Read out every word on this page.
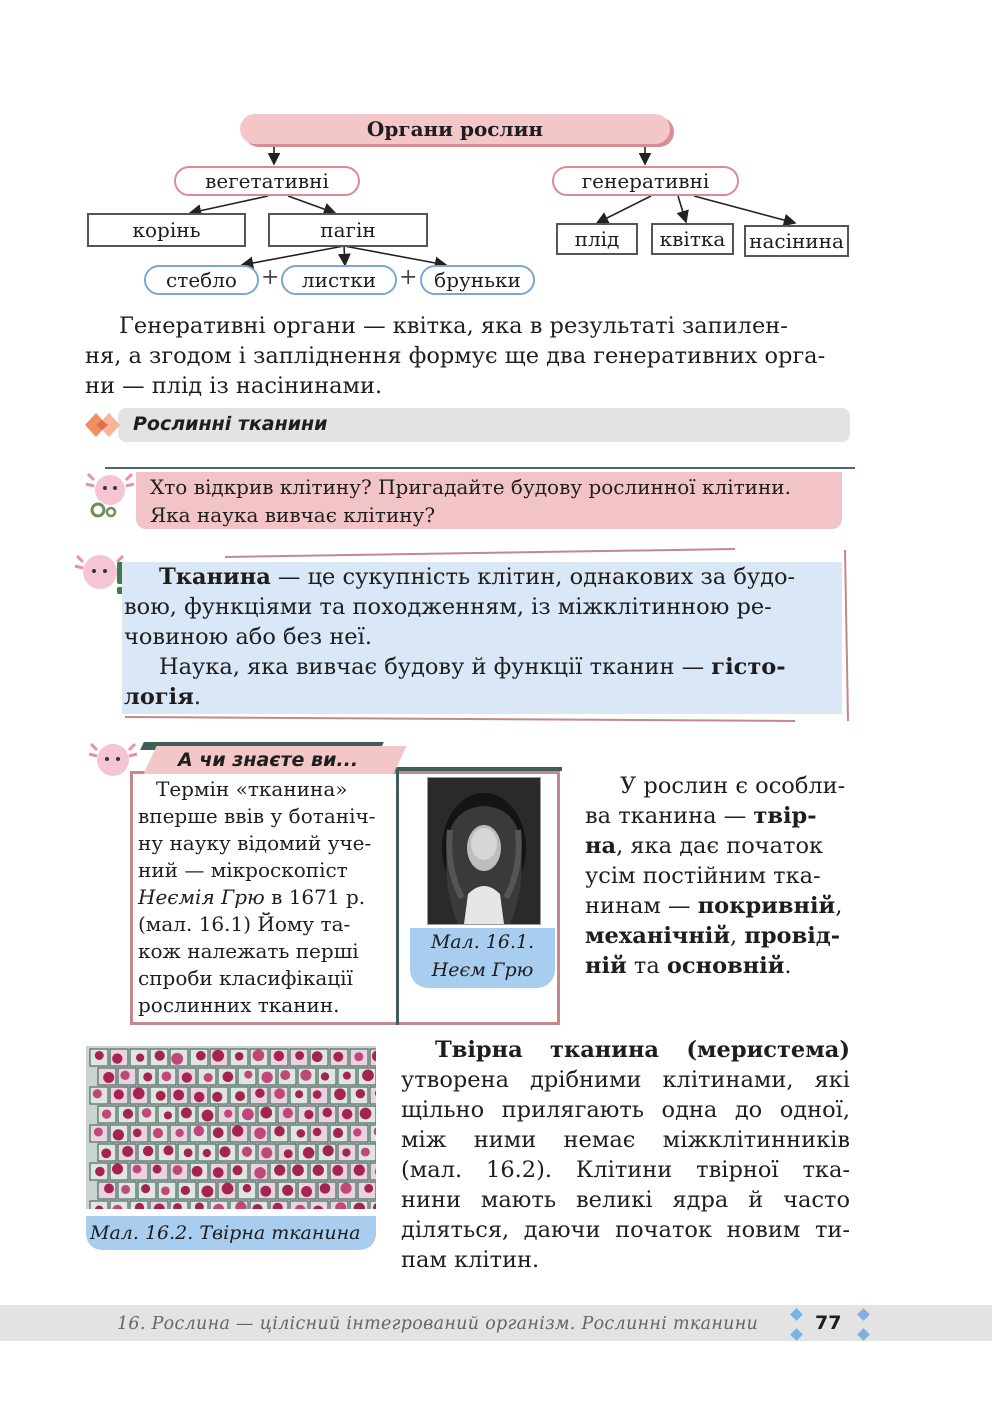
Органи рослин
вегетативні	генеративні
корінь	пагін
стебло	+	листки	+ бруньки
плід	квітка	насінина
Генеративні органи — квітка, яка в результаті запилен-
ня, а згодом і запліднення формує ще два генеративних орга-
ни — плід із насінинами.
Рослинні тканини
Хто відкрив клітину? Пригадайте будову рослинної клітини.
Яка наука вивчає клітину?
Тканина — це сукупність клітин, однакових за будо-
вою, функціями та походженням, із міжклітинною ре-
човиною або без неї.
Наука, яка вивчає будову й функції тканин — гісто-
логія.
А чи знаєте ви...
Термін «тканина»
вперше ввів у ботаніч-
ну науку відомий уче-
ний — мікроскопіст
Неємія Грю в 1671 р.
(мал. 16.1) Йому та-
кож належать перші
спроби класифікації
рослинних тканин.
Мал. 16.1.
Неєм Грю
У рослин є особли-
ва тканина — твір-
на, яка дає початок
усім постійним тка-
нинам — покривній,
механічній, провід-
ній та основній.
Мал. 16.2. Твірна тканина
Твірна тканина (меристема)
утворена дрібними клітинами, які
щільно прилягають одна до одної,
між ними немає міжклітинників
(мал. 16.2). Клітини твірної тка-
нини мають великі ядра й часто
діляться, даючи початок новим ти-
пам клітин.
16. Рослина — цілісний інтегрований організм. Рослинні тканини	77
